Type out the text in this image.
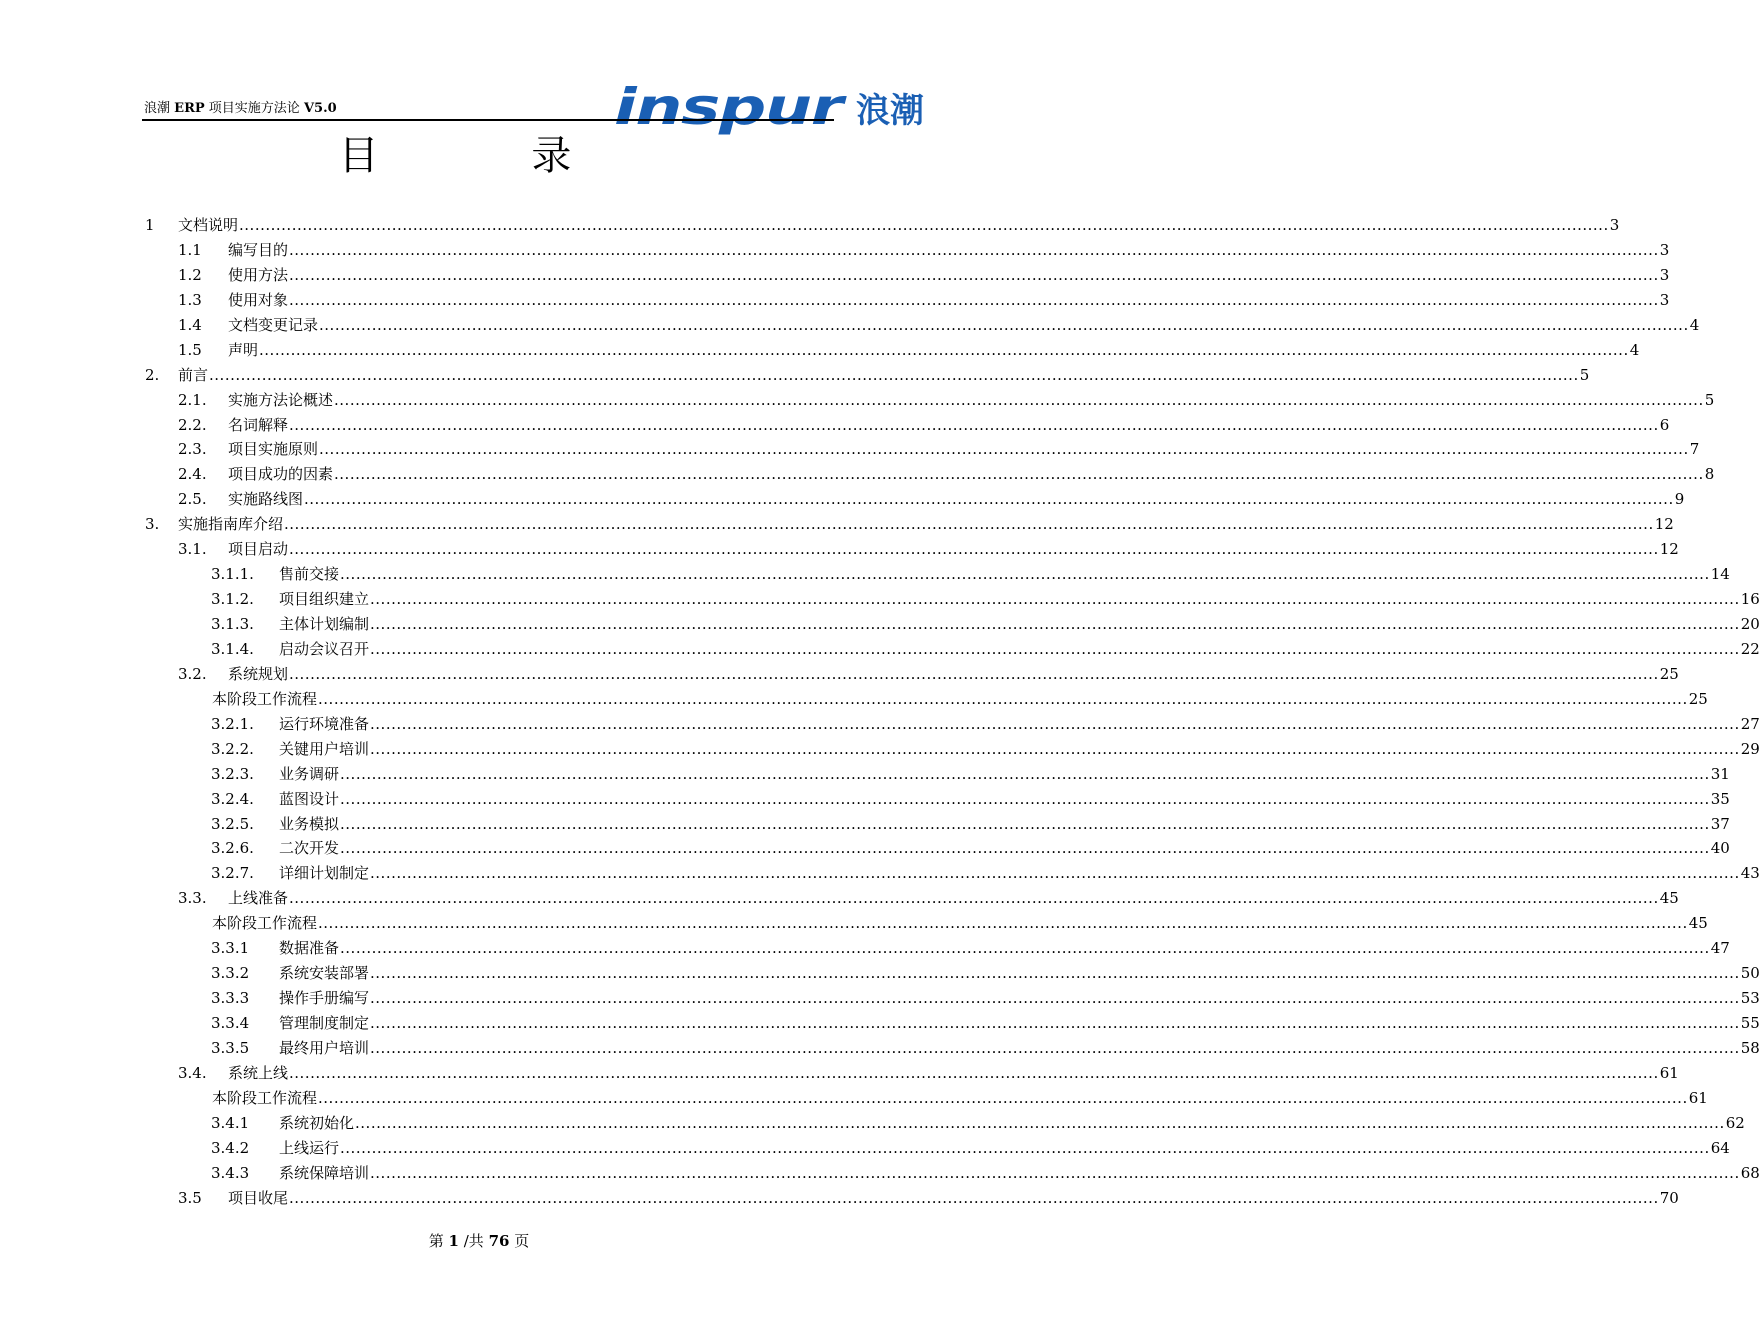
浪潮 ERP 项目实施方法论 V5.0	inspur 浪潮
目 录
1 文档说明 .................................................................................................................................................................................................................................................................... 3
1.1 编写目的 .................................................................................................................................................................................................................................................................... 3
1.2 使用方法 .................................................................................................................................................................................................................................................................... 3
1.3 使用对象 .................................................................................................................................................................................................................................................................... 3
1.4 文档变更记录 .................................................................................................................................................................................................................................................................... 4
1.5 声明 .................................................................................................................................................................................................................................................................... 4
2. 前言 .................................................................................................................................................................................................................................................................... 5
2.1. 实施方法论概述 .................................................................................................................................................................................................................................................................... 5
2.2. 名词解释 .................................................................................................................................................................................................................................................................... 6
2.3. 项目实施原则 .................................................................................................................................................................................................................................................................... 7
2.4. 项目成功的因素 .................................................................................................................................................................................................................................................................... 8
2.5. 实施路线图 .................................................................................................................................................................................................................................................................... 9
3. 实施指南库介绍 .................................................................................................................................................................................................................................................................... 12
3.1. 项目启动 .................................................................................................................................................................................................................................................................... 12
3.1.1. 售前交接 .................................................................................................................................................................................................................................................................... 14
3.1.2. 项目组织建立 .................................................................................................................................................................................................................................................................... 16
3.1.3. 主体计划编制 .................................................................................................................................................................................................................................................................... 20
3.1.4. 启动会议召开 .................................................................................................................................................................................................................................................................... 22
3.2. 系统规划 .................................................................................................................................................................................................................................................................... 25
本阶段工作流程 .................................................................................................................................................................................................................................................................... 25
3.2.1. 运行环境准备 .................................................................................................................................................................................................................................................................... 27
3.2.2. 关键用户培训 .................................................................................................................................................................................................................................................................... 29
3.2.3. 业务调研 .................................................................................................................................................................................................................................................................... 31
3.2.4. 蓝图设计 .................................................................................................................................................................................................................................................................... 35
3.2.5. 业务模拟 .................................................................................................................................................................................................................................................................... 37
3.2.6. 二次开发 .................................................................................................................................................................................................................................................................... 40
3.2.7. 详细计划制定 .................................................................................................................................................................................................................................................................... 43
3.3. 上线准备 .................................................................................................................................................................................................................................................................... 45
本阶段工作流程 .................................................................................................................................................................................................................................................................... 45
3.3.1 数据准备 .................................................................................................................................................................................................................................................................... 47
3.3.2 系统安装部署 .................................................................................................................................................................................................................................................................... 50
3.3.3 操作手册编写 .................................................................................................................................................................................................................................................................... 53
3.3.4 管理制度制定 .................................................................................................................................................................................................................................................................... 55
3.3.5 最终用户培训 .................................................................................................................................................................................................................................................................... 58
3.4. 系统上线 .................................................................................................................................................................................................................................................................... 61
本阶段工作流程 .................................................................................................................................................................................................................................................................... 61
3.4.1 系统初始化 .................................................................................................................................................................................................................................................................... 62
3.4.2 上线运行 .................................................................................................................................................................................................................................................................... 64
3.4.3 系统保障培训 .................................................................................................................................................................................................................................................................... 68
3.5 项目收尾 .................................................................................................................................................................................................................................................................... 70
第 1 /共 76 页
